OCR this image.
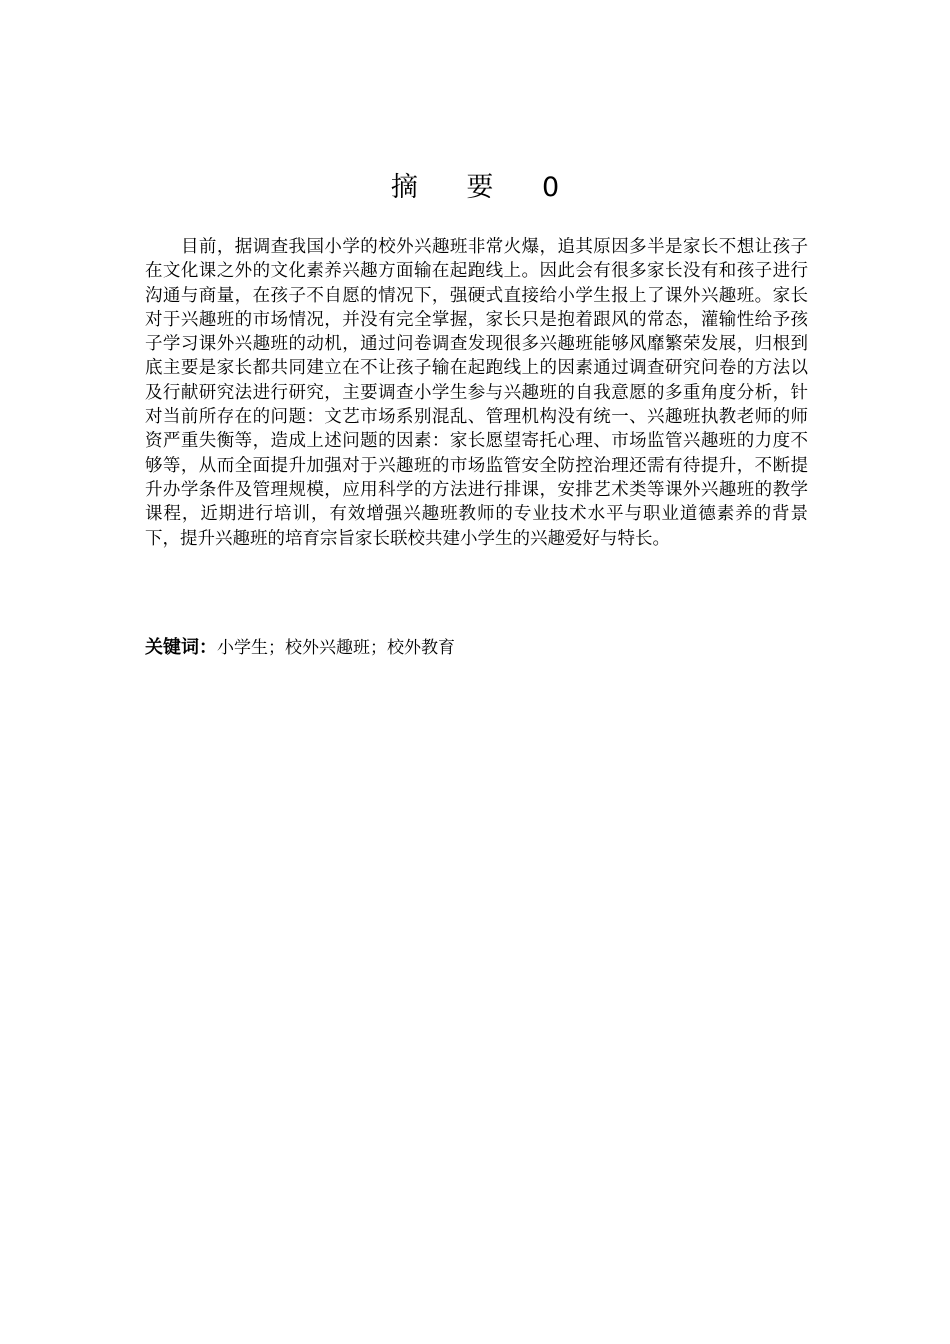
摘 要 0

目前，据调查我国小学的校外兴趣班非常火爆，追其原因多半是家长不想让孩子在文化课之外的文化素养兴趣方面输在起跑线上。因此会有很多家长没有和孩子进行沟通与商量，在孩子不自愿的情况下，强硬式直接给小学生报上了课外兴趣班。家长对于兴趣班的市场情况，并没有完全掌握，家长只是抱着跟风的常态，灌输性给予孩子学习课外兴趣班的动机，通过问卷调查发现很多兴趣班能够风靡繁荣发展，归根到底主要是家长都共同建立在不让孩子输在起跑线上的因素通过调查研究问卷的方法以及行献研究法进行研究，主要调查小学生参与兴趣班的自我意愿的多重角度分析，针对当前所存在的问题：文艺市场系别混乱、管理机构没有统一、兴趣班执教老师的师资严重失衡等，造成上述问题的因素：家长愿望寄托心理、市场监管兴趣班的力度不够等，从而全面提升加强对于兴趣班的市场监管安全防控治理还需有待提升，不断提升办学条件及管理规模，应用科学的方法进行排课，安排艺术类等课外兴趣班的教学课程，近期进行培训，有效增强兴趣班教师的专业技术水平与职业道德素养的背景下，提升兴趣班的培育宗旨家长联校共建小学生的兴趣爱好与特长。

关键词：小学生；校外兴趣班；校外教育
